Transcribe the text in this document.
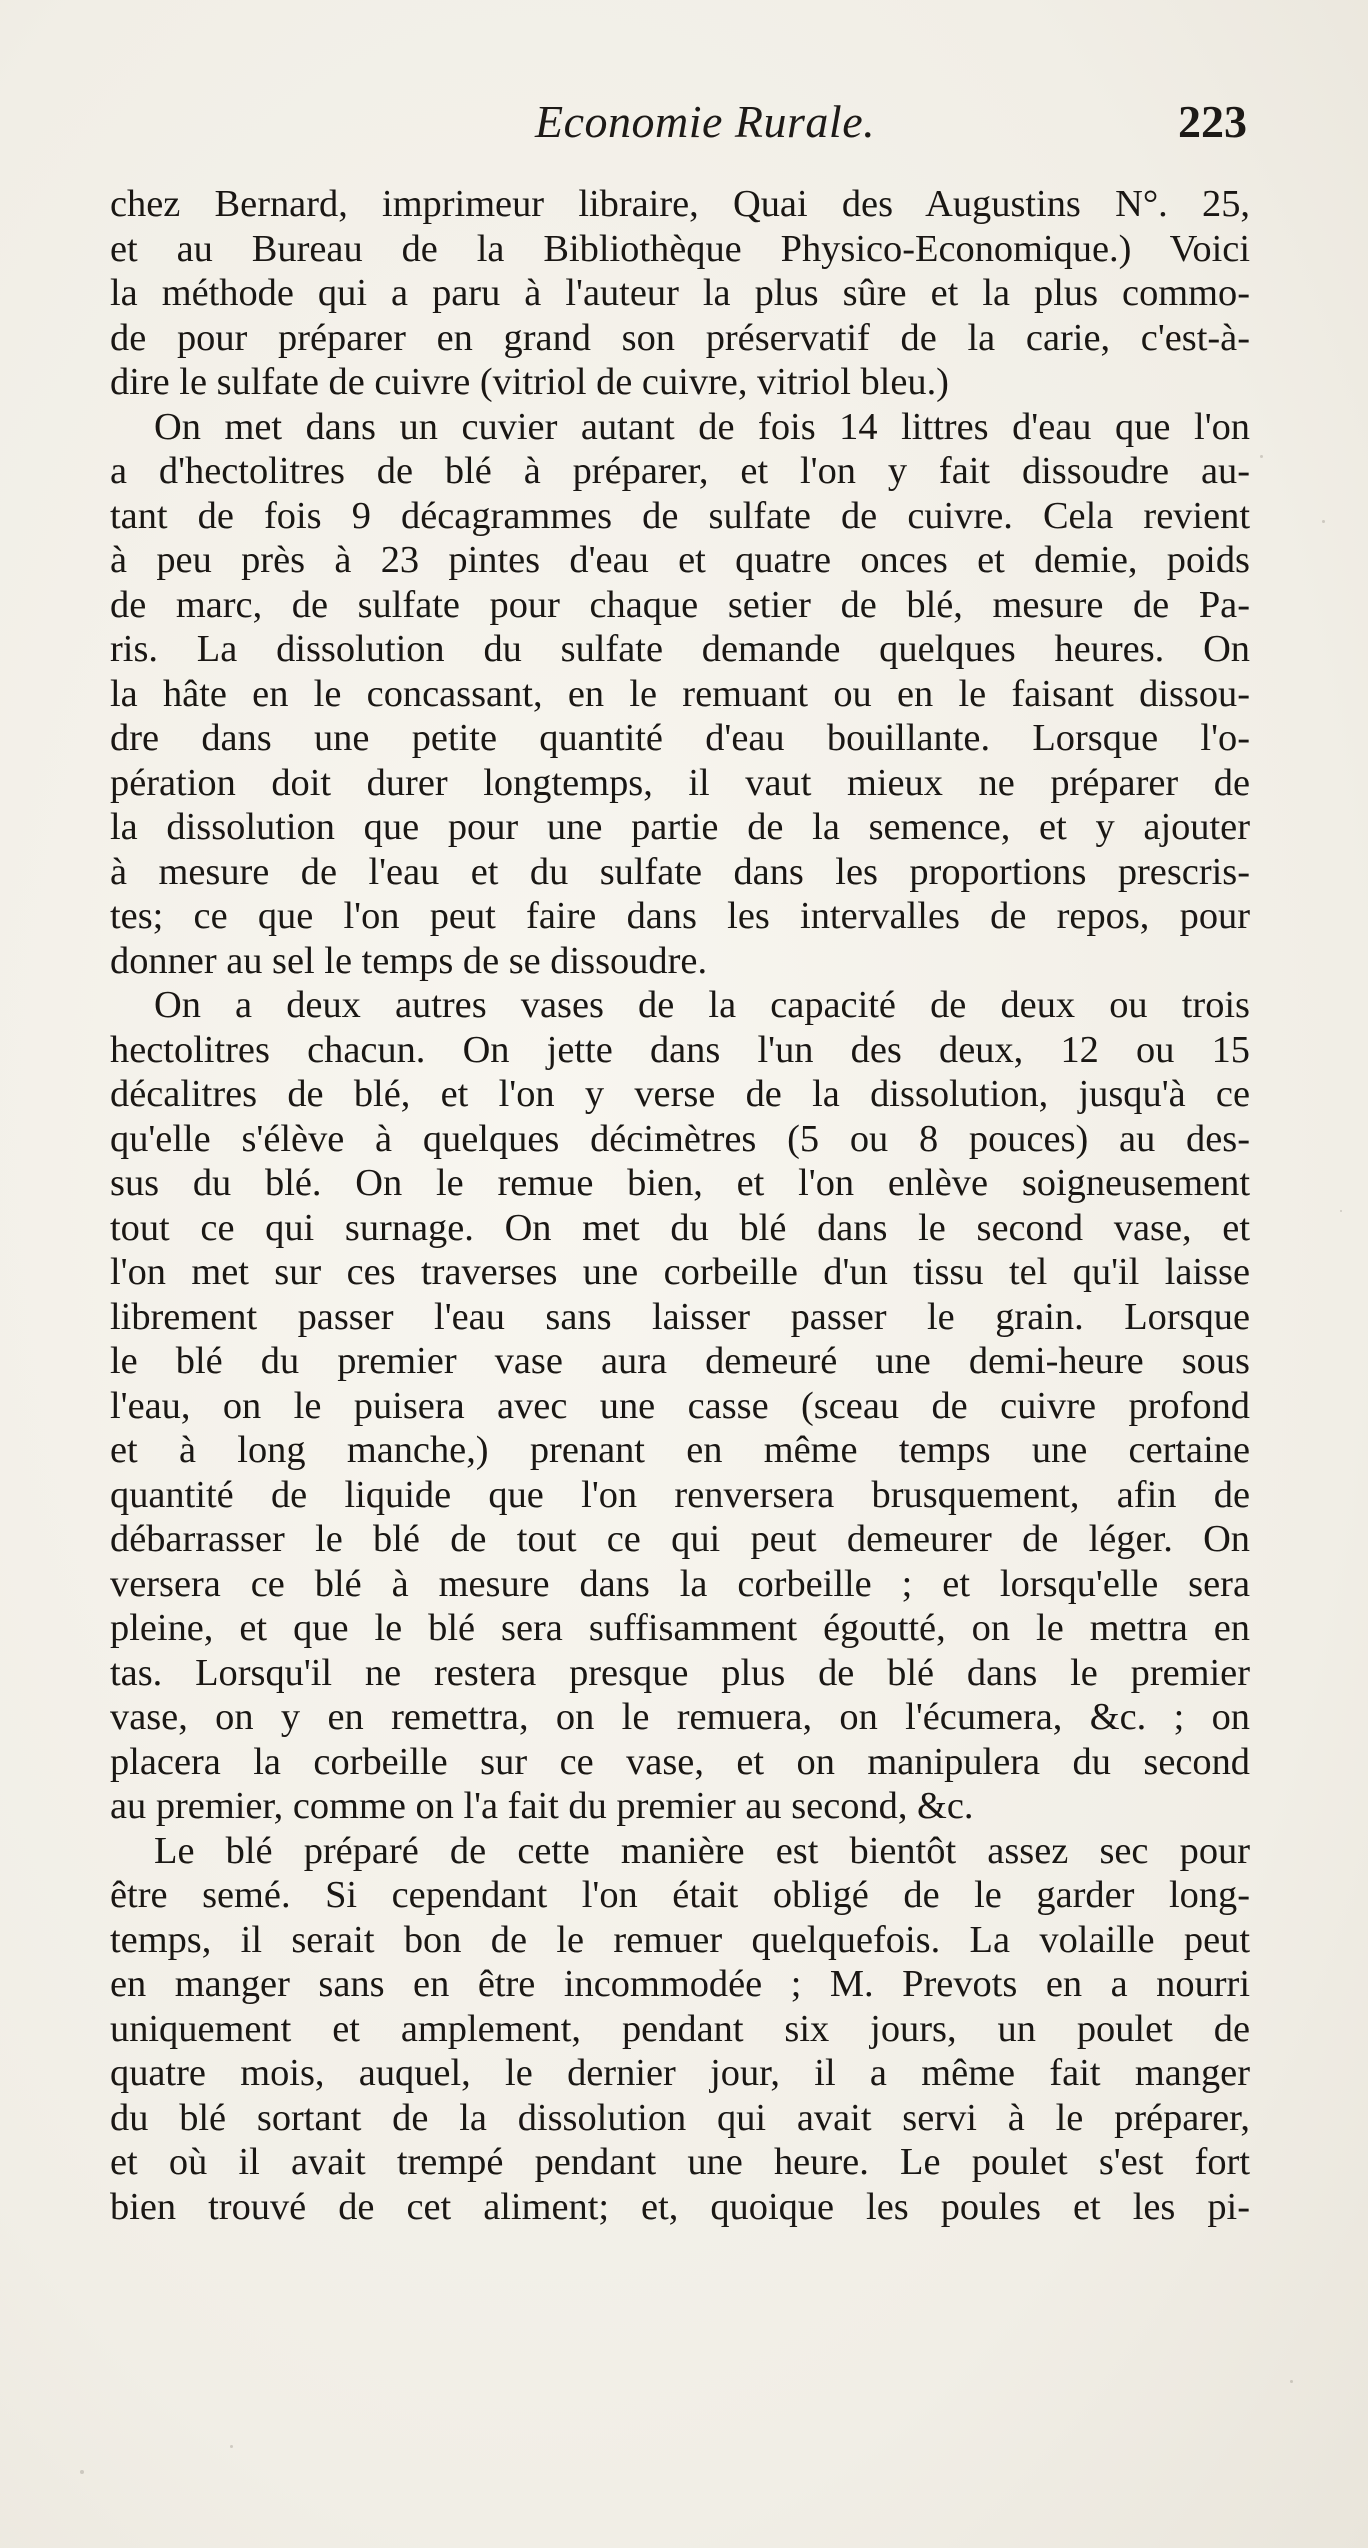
Economie Rurale.	223
chez Bernard, imprimeur libraire, Quai des Augustins N°. 25,
et au Bureau de la Bibliothèque Physico-Economique.) Voici
la méthode qui a paru à l'auteur la plus sûre et la plus commo-
de pour préparer en grand son préservatif de la carie, c'est-à-
dire le sulfate de cuivre (vitriol de cuivre, vitriol bleu.)
On met dans un cuvier autant de fois 14 littres d'eau que l'on
a d'hectolitres de blé à préparer, et l'on y fait dissoudre au-
tant de fois 9 décagrammes de sulfate de cuivre. Cela revient
à peu près à 23 pintes d'eau et quatre onces et demie, poids
de marc, de sulfate pour chaque setier de blé, mesure de Pa-
ris. La dissolution du sulfate demande quelques heures. On
la hâte en le concassant, en le remuant ou en le faisant dissou-
dre dans une petite quantité d'eau bouillante. Lorsque l'o-
pération doit durer longtemps, il vaut mieux ne préparer de
la dissolution que pour une partie de la semence, et y ajouter
à mesure de l'eau et du sulfate dans les proportions prescris-
tes; ce que l'on peut faire dans les intervalles de repos, pour
donner au sel le temps de se dissoudre.
On a deux autres vases de la capacité de deux ou trois
hectolitres chacun. On jette dans l'un des deux, 12 ou 15
décalitres de blé, et l'on y verse de la dissolution, jusqu'à ce
qu'elle s'élève à quelques décimètres (5 ou 8 pouces) au des-
sus du blé. On le remue bien, et l'on enlève soigneusement
tout ce qui surnage. On met du blé dans le second vase, et
l'on met sur ces traverses une corbeille d'un tissu tel qu'il laisse
librement passer l'eau sans laisser passer le grain. Lorsque
le blé du premier vase aura demeuré une demi-heure sous
l'eau, on le puisera avec une casse (sceau de cuivre profond
et à long manche,) prenant en même temps une certaine
quantité de liquide que l'on renversera brusquement, afin de
débarrasser le blé de tout ce qui peut demeurer de léger. On
versera ce blé à mesure dans la corbeille ; et lorsqu'elle sera
pleine, et que le blé sera suffisamment égoutté, on le mettra en
tas. Lorsqu'il ne restera presque plus de blé dans le premier
vase, on y en remettra, on le remuera, on l'écumera, &c. ; on
placera la corbeille sur ce vase, et on manipulera du second
au premier, comme on l'a fait du premier au second, &c.
Le blé préparé de cette manière est bientôt assez sec pour
être semé. Si cependant l'on était obligé de le garder long-
temps, il serait bon de le remuer quelquefois. La volaille peut
en manger sans en être incommodée ; M. Prevots en a nourri
uniquement et amplement, pendant six jours, un poulet de
quatre mois, auquel, le dernier jour, il a même fait manger
du blé sortant de la dissolution qui avait servi à le préparer,
et où il avait trempé pendant une heure. Le poulet s'est fort
bien trouvé de cet aliment; et, quoique les poules et les pi-
